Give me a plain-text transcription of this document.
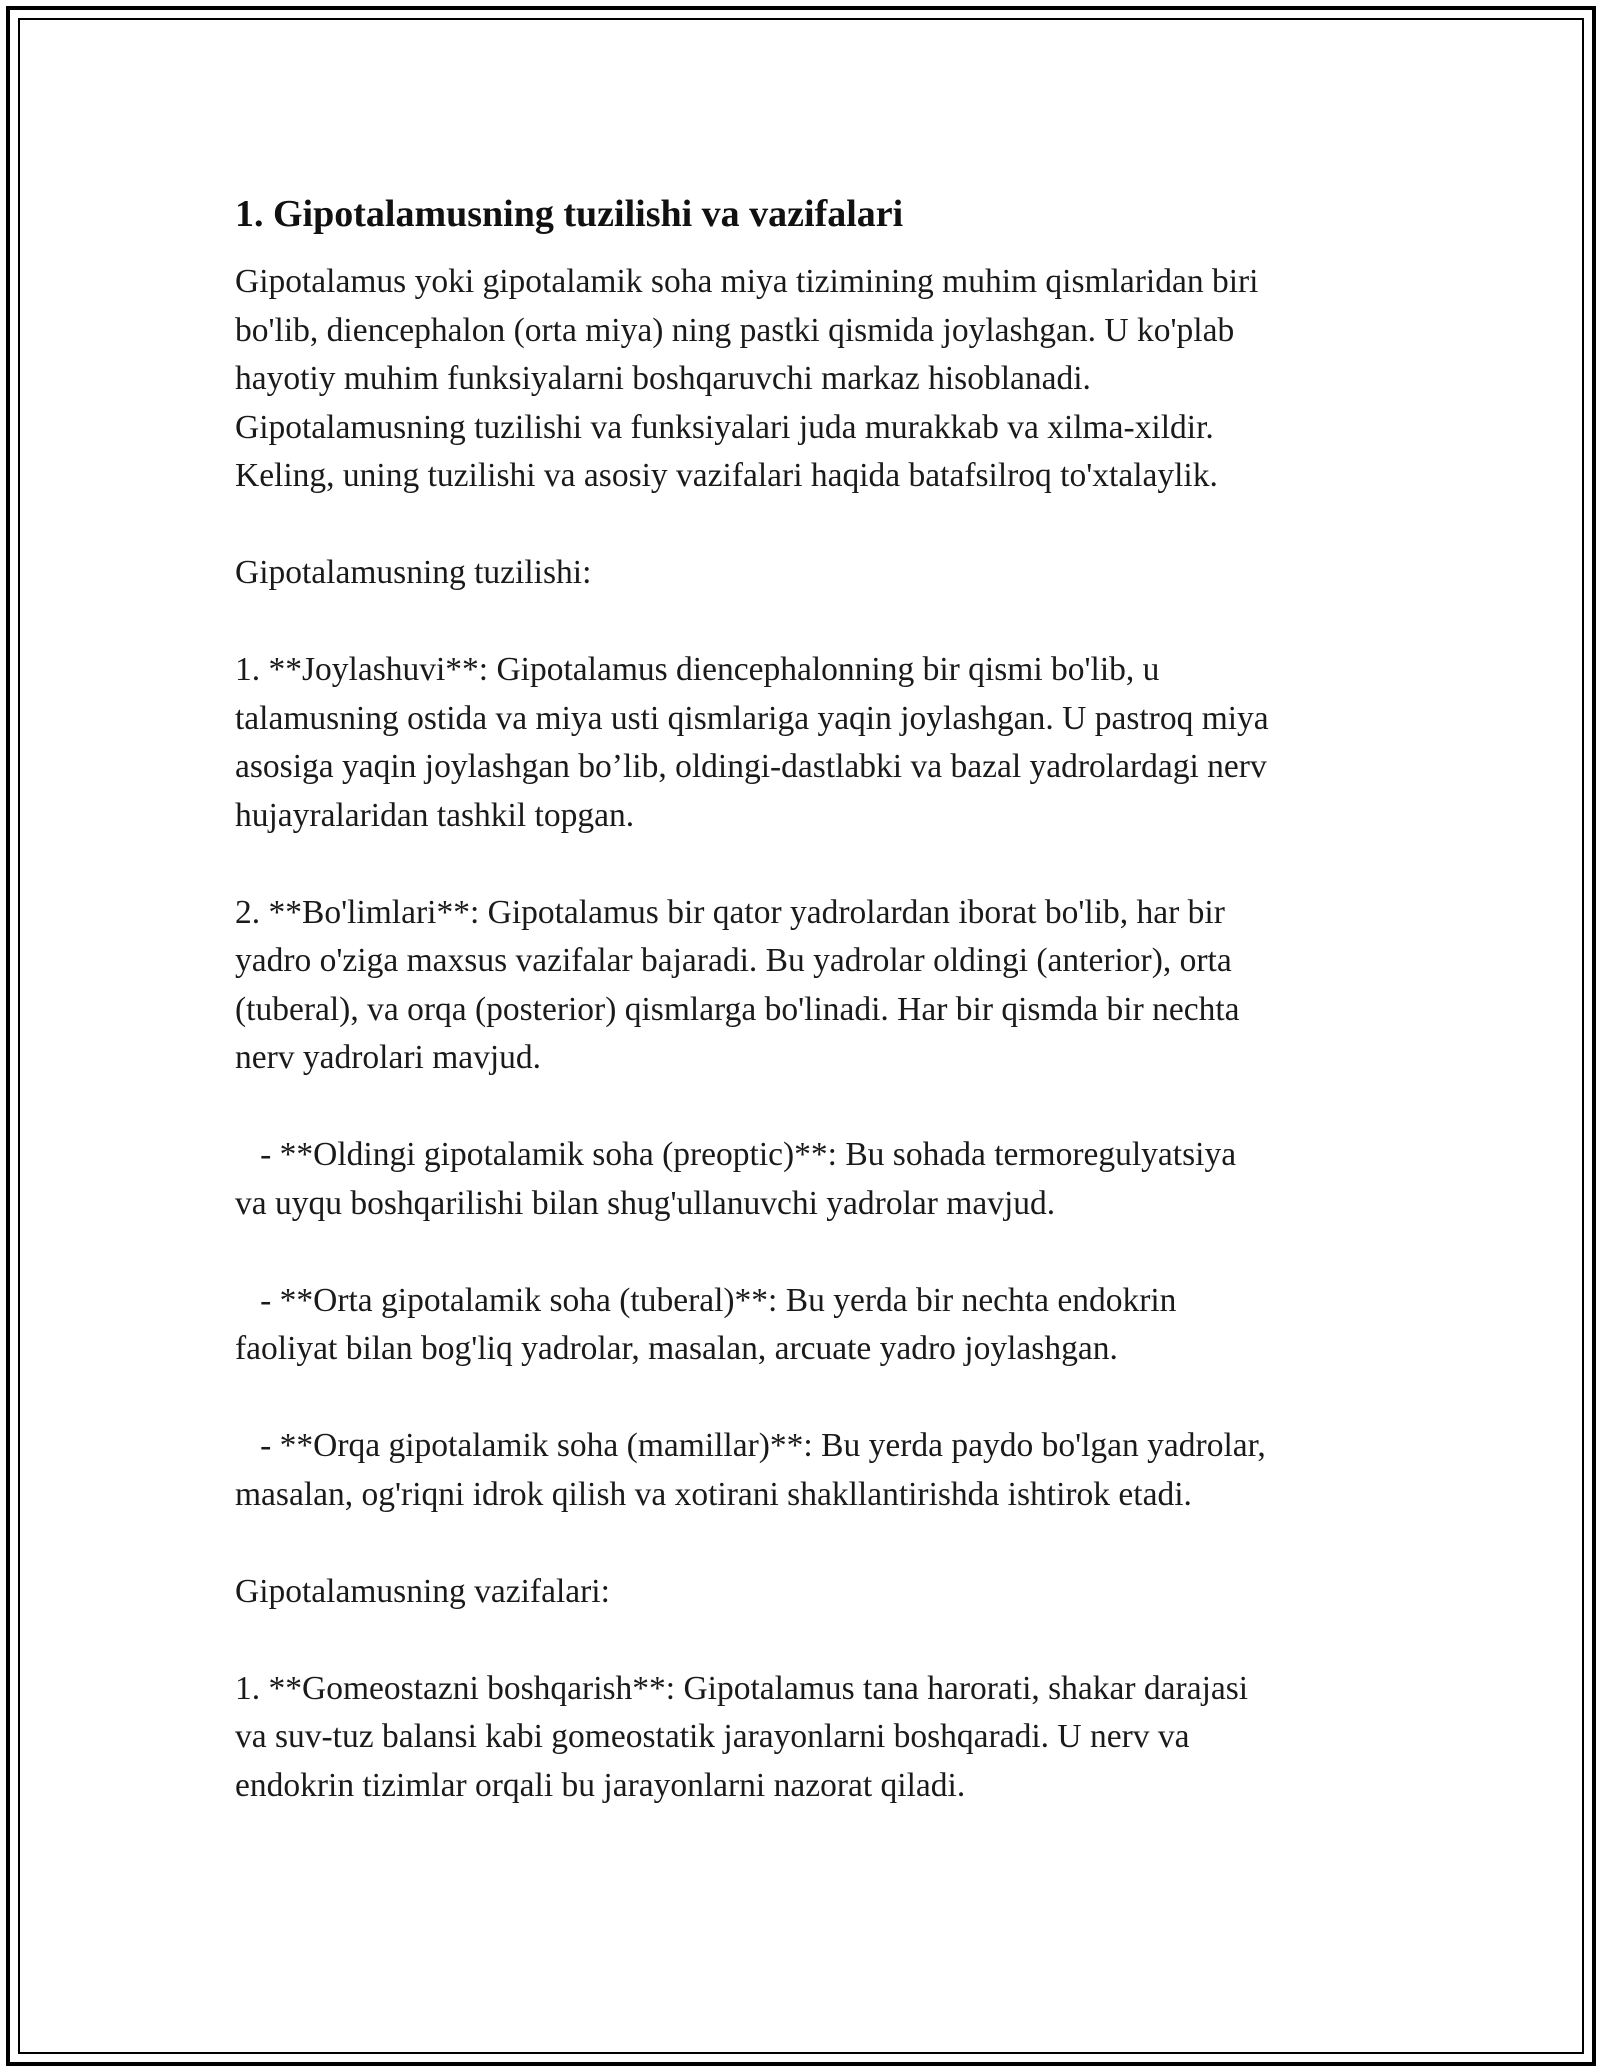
1. Gipotalamusning tuzilishi va vazifalari

Gipotalamus yoki gipotalamik soha miya tizimining muhim qismlaridan biri
bo'lib, diencephalon (orta miya) ning pastki qismida joylashgan. U ko'plab
hayotiy muhim funksiyalarni boshqaruvchi markaz hisoblanadi.
Gipotalamusning tuzilishi va funksiyalari juda murakkab va xilma-xildir.
Keling, uning tuzilishi va asosiy vazifalari haqida batafsilroq to'xtalaylik.

Gipotalamusning tuzilishi:

1. **Joylashuvi**: Gipotalamus diencephalonning bir qismi bo'lib, u
talamusning ostida va miya usti qismlariga yaqin joylashgan. U pastroq miya
asosiga yaqin joylashgan bo’lib, oldingi-dastlabki va bazal yadrolardagi nerv
hujayralaridan tashkil topgan.

2. **Bo'limlari**: Gipotalamus bir qator yadrolardan iborat bo'lib, har bir
yadro o'ziga maxsus vazifalar bajaradi. Bu yadrolar oldingi (anterior), orta
(tuberal), va orqa (posterior) qismlarga bo'linadi. Har bir qismda bir nechta
nerv yadrolari mavjud.

- **Oldingi gipotalamik soha (preoptic)**: Bu sohada termoregulyatsiya
va uyqu boshqarilishi bilan shug'ullanuvchi yadrolar mavjud.

- **Orta gipotalamik soha (tuberal)**: Bu yerda bir nechta endokrin
faoliyat bilan bog'liq yadrolar, masalan, arcuate yadro joylashgan.

- **Orqa gipotalamik soha (mamillar)**: Bu yerda paydo bo'lgan yadrolar,
masalan, og'riqni idrok qilish va xotirani shakllantirishda ishtirok etadi.

Gipotalamusning vazifalari:

1. **Gomeostazni boshqarish**: Gipotalamus tana harorati, shakar darajasi
va suv-tuz balansi kabi gomeostatik jarayonlarni boshqaradi. U nerv va
endokrin tizimlar orqali bu jarayonlarni nazorat qiladi.
